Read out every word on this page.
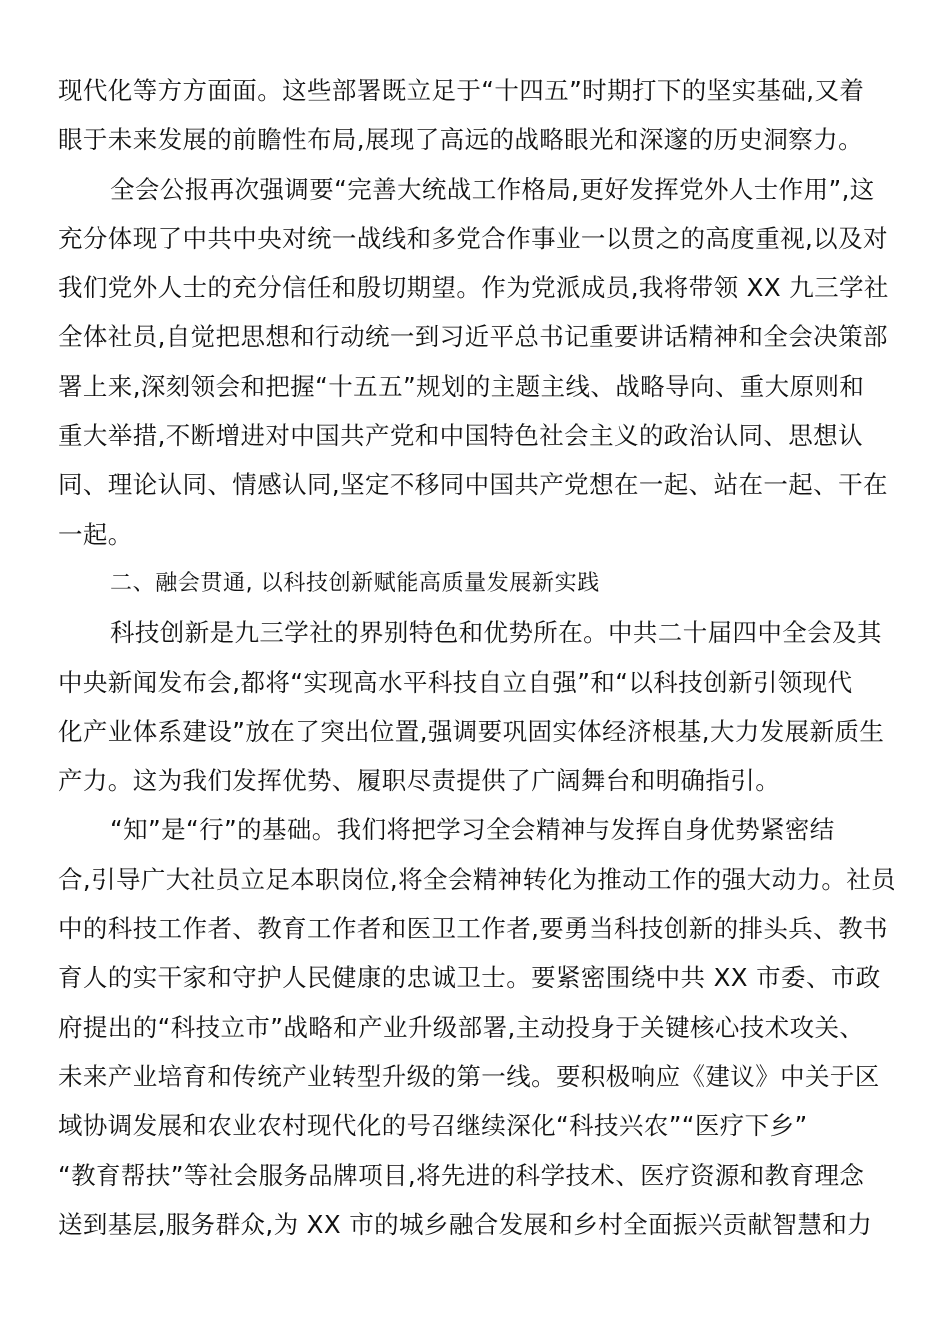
现代化等方方面面。这些部署既立足于“十四五”时期打下的坚实基础,又着
眼于未来发展的前瞻性布局,展现了高远的战略眼光和深邃的历史洞察力。
全会公报再次强调要“完善大统战工作格局,更好发挥党外人士作用”,这
充分体现了中共中央对统一战线和多党合作事业一以贯之的高度重视,以及对
我们党外人士的充分信任和殷切期望。作为党派成员,我将带领 XX 九三学社
全体社员,自觉把思想和行动统一到习近平总书记重要讲话精神和全会决策部
署上来,深刻领会和把握“十五五”规划的主题主线、战略导向、重大原则和
重大举措,不断增进对中国共产党和中国特色社会主义的政治认同、思想认
同、理论认同、情感认同,坚定不移同中国共产党想在一起、站在一起、干在
一起。
二、融会贯通, 以科技创新赋能高质量发展新实践
科技创新是九三学社的界别特色和优势所在。中共二十届四中全会及其
中央新闻发布会,都将“实现高水平科技自立自强”和“以科技创新引领现代
化产业体系建设”放在了突出位置,强调要巩固实体经济根基,大力发展新质生
产力。这为我们发挥优势、履职尽责提供了广阔舞台和明确指引。
“知”是“行”的基础。我们将把学习全会精神与发挥自身优势紧密结
合,引导广大社员立足本职岗位,将全会精神转化为推动工作的强大动力。社员
中的科技工作者、教育工作者和医卫工作者,要勇当科技创新的排头兵、教书
育人的实干家和守护人民健康的忠诚卫士。要紧密围绕中共 XX 市委、市政
府提出的“科技立市”战略和产业升级部署,主动投身于关键核心技术攻关、
未来产业培育和传统产业转型升级的第一线。要积极响应《建议》中关于区
域协调发展和农业农村现代化的号召继续深化“科技兴农”“医疗下乡”
“教育帮扶”等社会服务品牌项目,将先进的科学技术、医疗资源和教育理念
送到基层,服务群众,为 XX 市的城乡融合发展和乡村全面振兴贡献智慧和力
